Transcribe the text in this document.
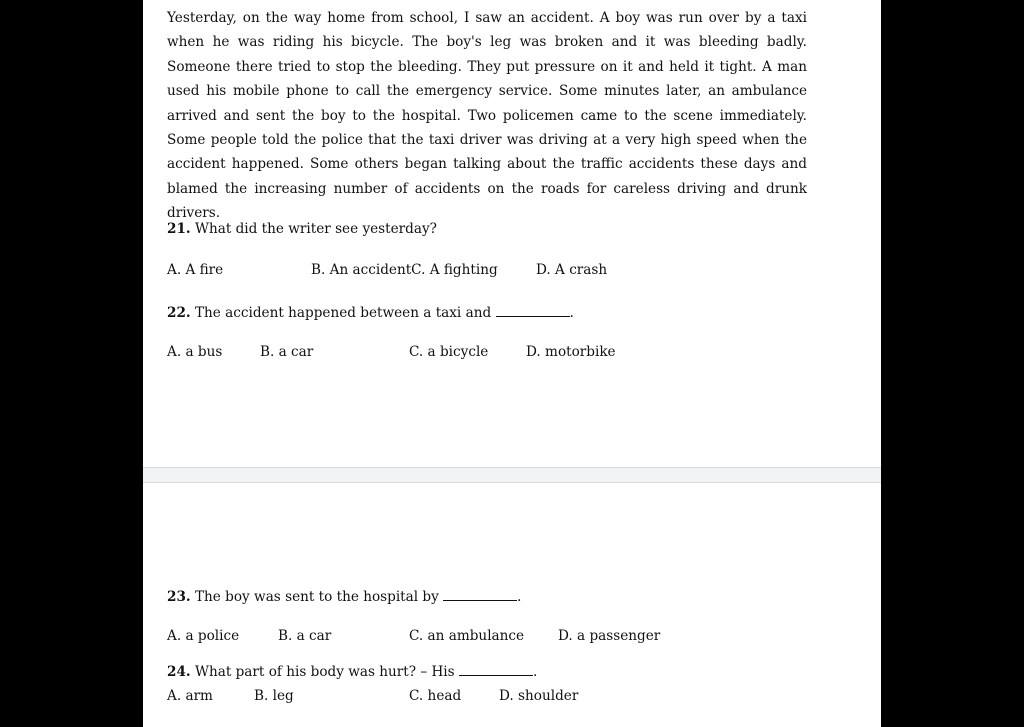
Yesterday, on the way home from school, I saw an accident. A boy was run over by a taxi when he was riding his bicycle. The boy's leg was broken and it was bleeding badly. Someone there tried to stop the bleeding. They put pressure on it and held it tight. A man used his mobile phone to call the emergency service. Some minutes later, an ambulance arrived and sent the boy to the hospital. Two policemen came to the scene immediately. Some people told the police that the taxi driver was driving at a very high speed when the accident happened. Some others began talking about the traffic accidents these days and blamed the increasing number of accidents on the roads for careless driving and drunk drivers.
21. What did the writer see yesterday?
A. A fire	B. An accidentC. A fighting	D. A crash
22. The accident happened between a taxi and	.
A. a bus	B. a car	C. a bicycle	D. motorbike
23. The boy was sent to the hospital by	.
A. a police	B. a car	C. an ambulance D. a passenger
24. What part of his body was hurt? – His	.
A. arm	B. leg	C. head	D. shoulder
